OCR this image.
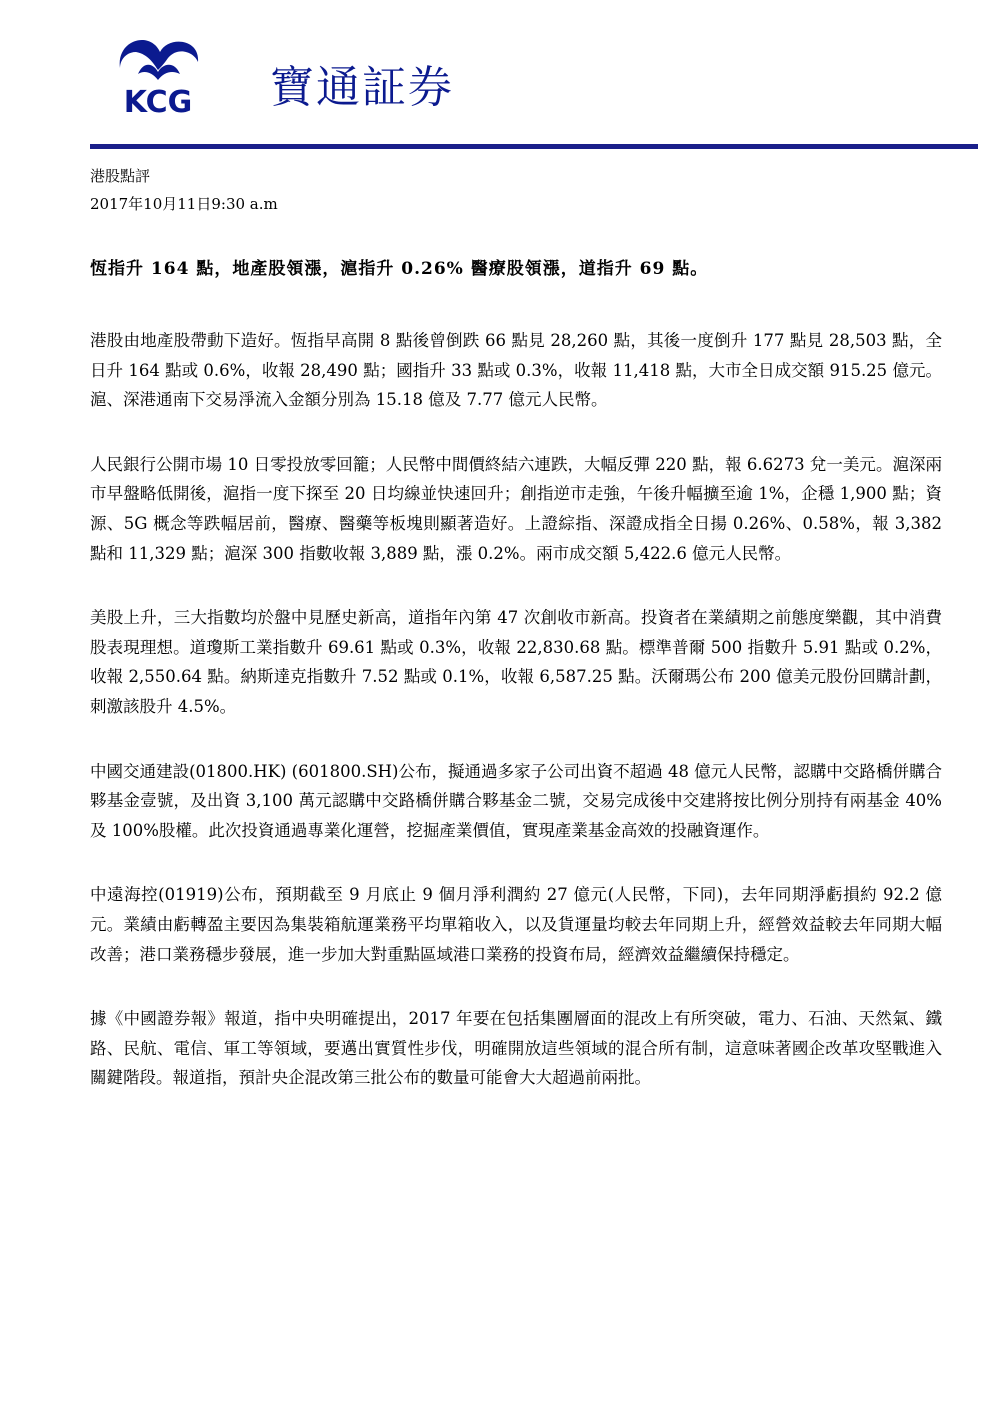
KCG 寶通証券
港股點評
2017年10月11日9:30 a.m
恆指升 164 點，地產股領漲，滬指升 0.26% 醫療股領漲，道指升 69 點。

港股由地產股帶動下造好。恆指早高開 8 點後曾倒跌 66 點見 28,260 點，其後一度倒升 177 點見 28,503 點，全日升 164 點或 0.6%，收報 28,490 點；國指升 33 點或 0.3%，收報 11,418 點，大市全日成交額 915.25 億元。滬、深港通南下交易淨流入金額分別為 15.18 億及 7.77 億元人民幣。

人民銀行公開市場 10 日零投放零回籠；人民幣中間價終結六連跌，大幅反彈 220 點，報 6.6273 兌一美元。滬深兩市早盤略低開後，滬指一度下探至 20 日均線並快速回升；創指逆市走強，午後升幅擴至逾 1%，企穩 1,900 點；資源、5G 概念等跌幅居前，醫療、醫藥等板塊則顯著造好。上證綜指、深證成指全日揚 0.26%、0.58%，報 3,382 點和 11,329 點；滬深 300 指數收報 3,889 點，漲 0.2%。兩市成交額 5,422.6 億元人民幣。

美股上升，三大指數均於盤中見歷史新高，道指年內第 47 次創收市新高。投資者在業績期之前態度樂觀，其中消費股表現理想。道瓊斯工業指數升 69.61 點或 0.3%，收報 22,830.68 點。標準普爾 500 指數升 5.91 點或 0.2%，收報 2,550.64 點。納斯達克指數升 7.52 點或 0.1%，收報 6,587.25 點。沃爾瑪公布 200 億美元股份回購計劃，刺激該股升 4.5%。

中國交通建設(01800.HK) (601800.SH)公布，擬通過多家子公司出資不超過 48 億元人民幣，認購中交路橋併購合夥基金壹號，及出資 3,100 萬元認購中交路橋併購合夥基金二號，交易完成後中交建將按比例分別持有兩基金 40%及 100%股權。此次投資通過專業化運營，挖掘產業價值，實現產業基金高效的投融資運作。

中遠海控(01919)公布，預期截至 9 月底止 9 個月淨利潤約 27 億元(人民幣，下同)，去年同期淨虧損約 92.2 億元。業績由虧轉盈主要因為集裝箱航運業務平均單箱收入，以及貨運量均較去年同期上升，經營效益較去年同期大幅改善；港口業務穩步發展，進一步加大對重點區域港口業務的投資布局，經濟效益繼續保持穩定。

據《中國證券報》報道，指中央明確提出，2017 年要在包括集團層面的混改上有所突破，電力、石油、天然氣、鐵路、民航、電信、軍工等領域，要邁出實質性步伐，明確開放這些領域的混合所有制，這意味著國企改革攻堅戰進入關鍵階段。報道指，預計央企混改第三批公布的數量可能會大大超過前兩批。
